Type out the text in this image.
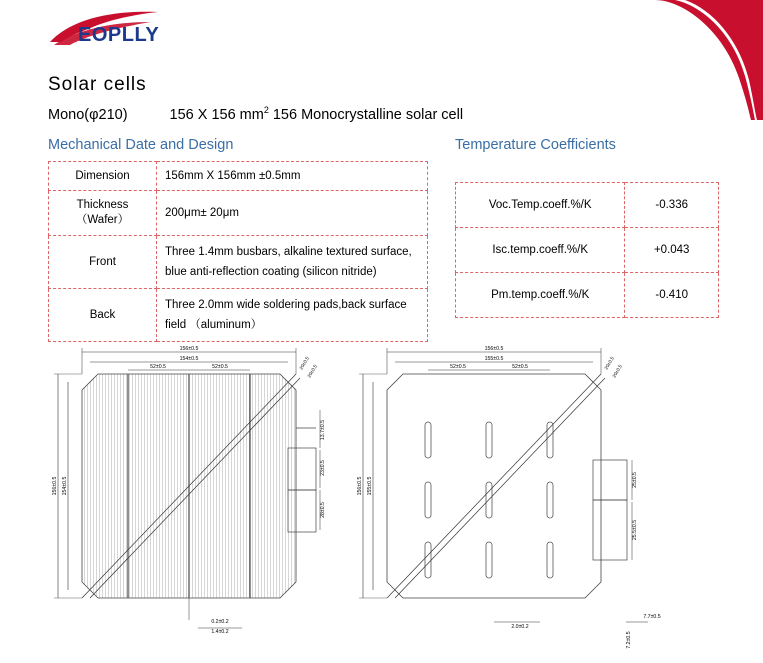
EOPLLY
Solar cells
Mono(φ210)	156 X 156 $mm^2$ 156 Monocrystalline solar cell
Mechanical Date and Design	Temperature Coefficients
Dimension	156mm X 156mm ±0.5mm

Thickness
（Wafer）	200μm± 20μm
Front	Three 1.4mm busbars, alkaline textured surface,
blue anti-reflection coating (silicon nitride)

Back	Three 2.0mm wide soldering pads,back surface
field （aluminum）
Voc.Temp.coeff.%/K	-0.336
Isc.temp.coeff.%/K	+0.043
Pm.temp.coeff.%/K	-0.410
156±0.5
154±0.5
52±0.5	52±0.5	20±0.5
20±0.5
156±0.5 154±0.5
13.7±0.5
23±0.5
28±0.5
0.2±0.2
1.4±0.2
156±0.5
155±0.5
52±0.5	52±0.5	20±0.5
20±0.5
156±0.5 155±0.5	25±0.5
25.5±0.5
2.0±0.2
7.7±0.5
7.2±0.5
